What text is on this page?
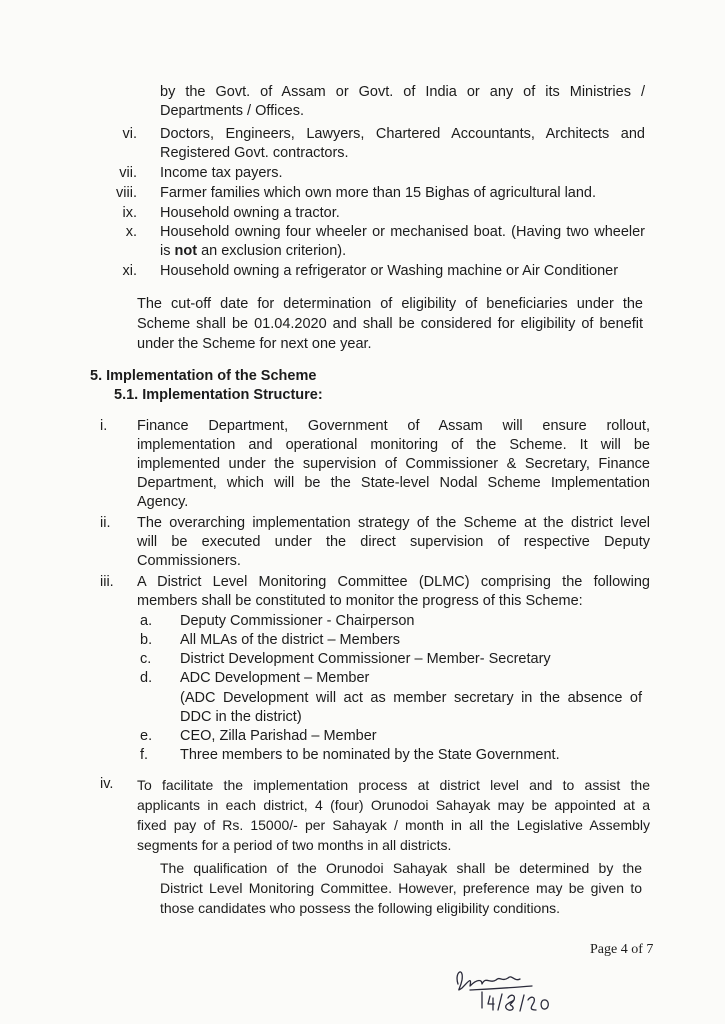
by the Govt. of Assam or Govt. of India or any of its Ministries /
Departments / Offices.
vi. Doctors, Engineers, Lawyers, Chartered Accountants, Architects and
Registered Govt. contractors.
vii. Income tax payers.
viii. Farmer families which own more than 15 Bighas of agricultural land.
ix. Household owning a tractor.
x. Household owning four wheeler or mechanised boat. (Having two wheeler
is not an exclusion criterion).
xi. Household owning a refrigerator or Washing machine or Air Conditioner
The cut-off date for determination of eligibility of beneficiaries under the
Scheme shall be 01.04.2020 and shall be considered for eligibility of benefit
under the Scheme for next one year.
5. Implementation of the Scheme
5.1. Implementation Structure:
i.	Finance Department, Government of Assam will ensure rollout,
implementation and operational monitoring of the Scheme. It will be
implemented under the supervision of Commissioner & Secretary, Finance
Department, which will be the State-level Nodal Scheme Implementation
Agency.
ii.	The overarching implementation strategy of the Scheme at the district level
will be executed under the direct supervision of respective Deputy
Commissioners.
iii.	A District Level Monitoring Committee (DLMC) comprising the following
members shall be constituted to monitor the progress of this Scheme:
a.	Deputy Commissioner - Chairperson
b.	All MLAs of the district – Members
c.	District Development Commissioner – Member- Secretary
d.	ADC Development – Member
(ADC Development will act as member secretary in the absence of
DDC in the district)
e.	CEO, Zilla Parishad – Member
f.	Three members to be nominated by the State Government.
iv.	To facilitate the implementation process at district level and to assist the
applicants in each district, 4 (four) Orunodoi Sahayak may be appointed at a
fixed pay of Rs. 15000/- per Sahayak / month in all the Legislative Assembly
segments for a period of two months in all districts.
The qualification of the Orunodoi Sahayak shall be determined by the
District Level Monitoring Committee. However, preference may be given to
those candidates who possess the following eligibility conditions.
Page 4 of 7
